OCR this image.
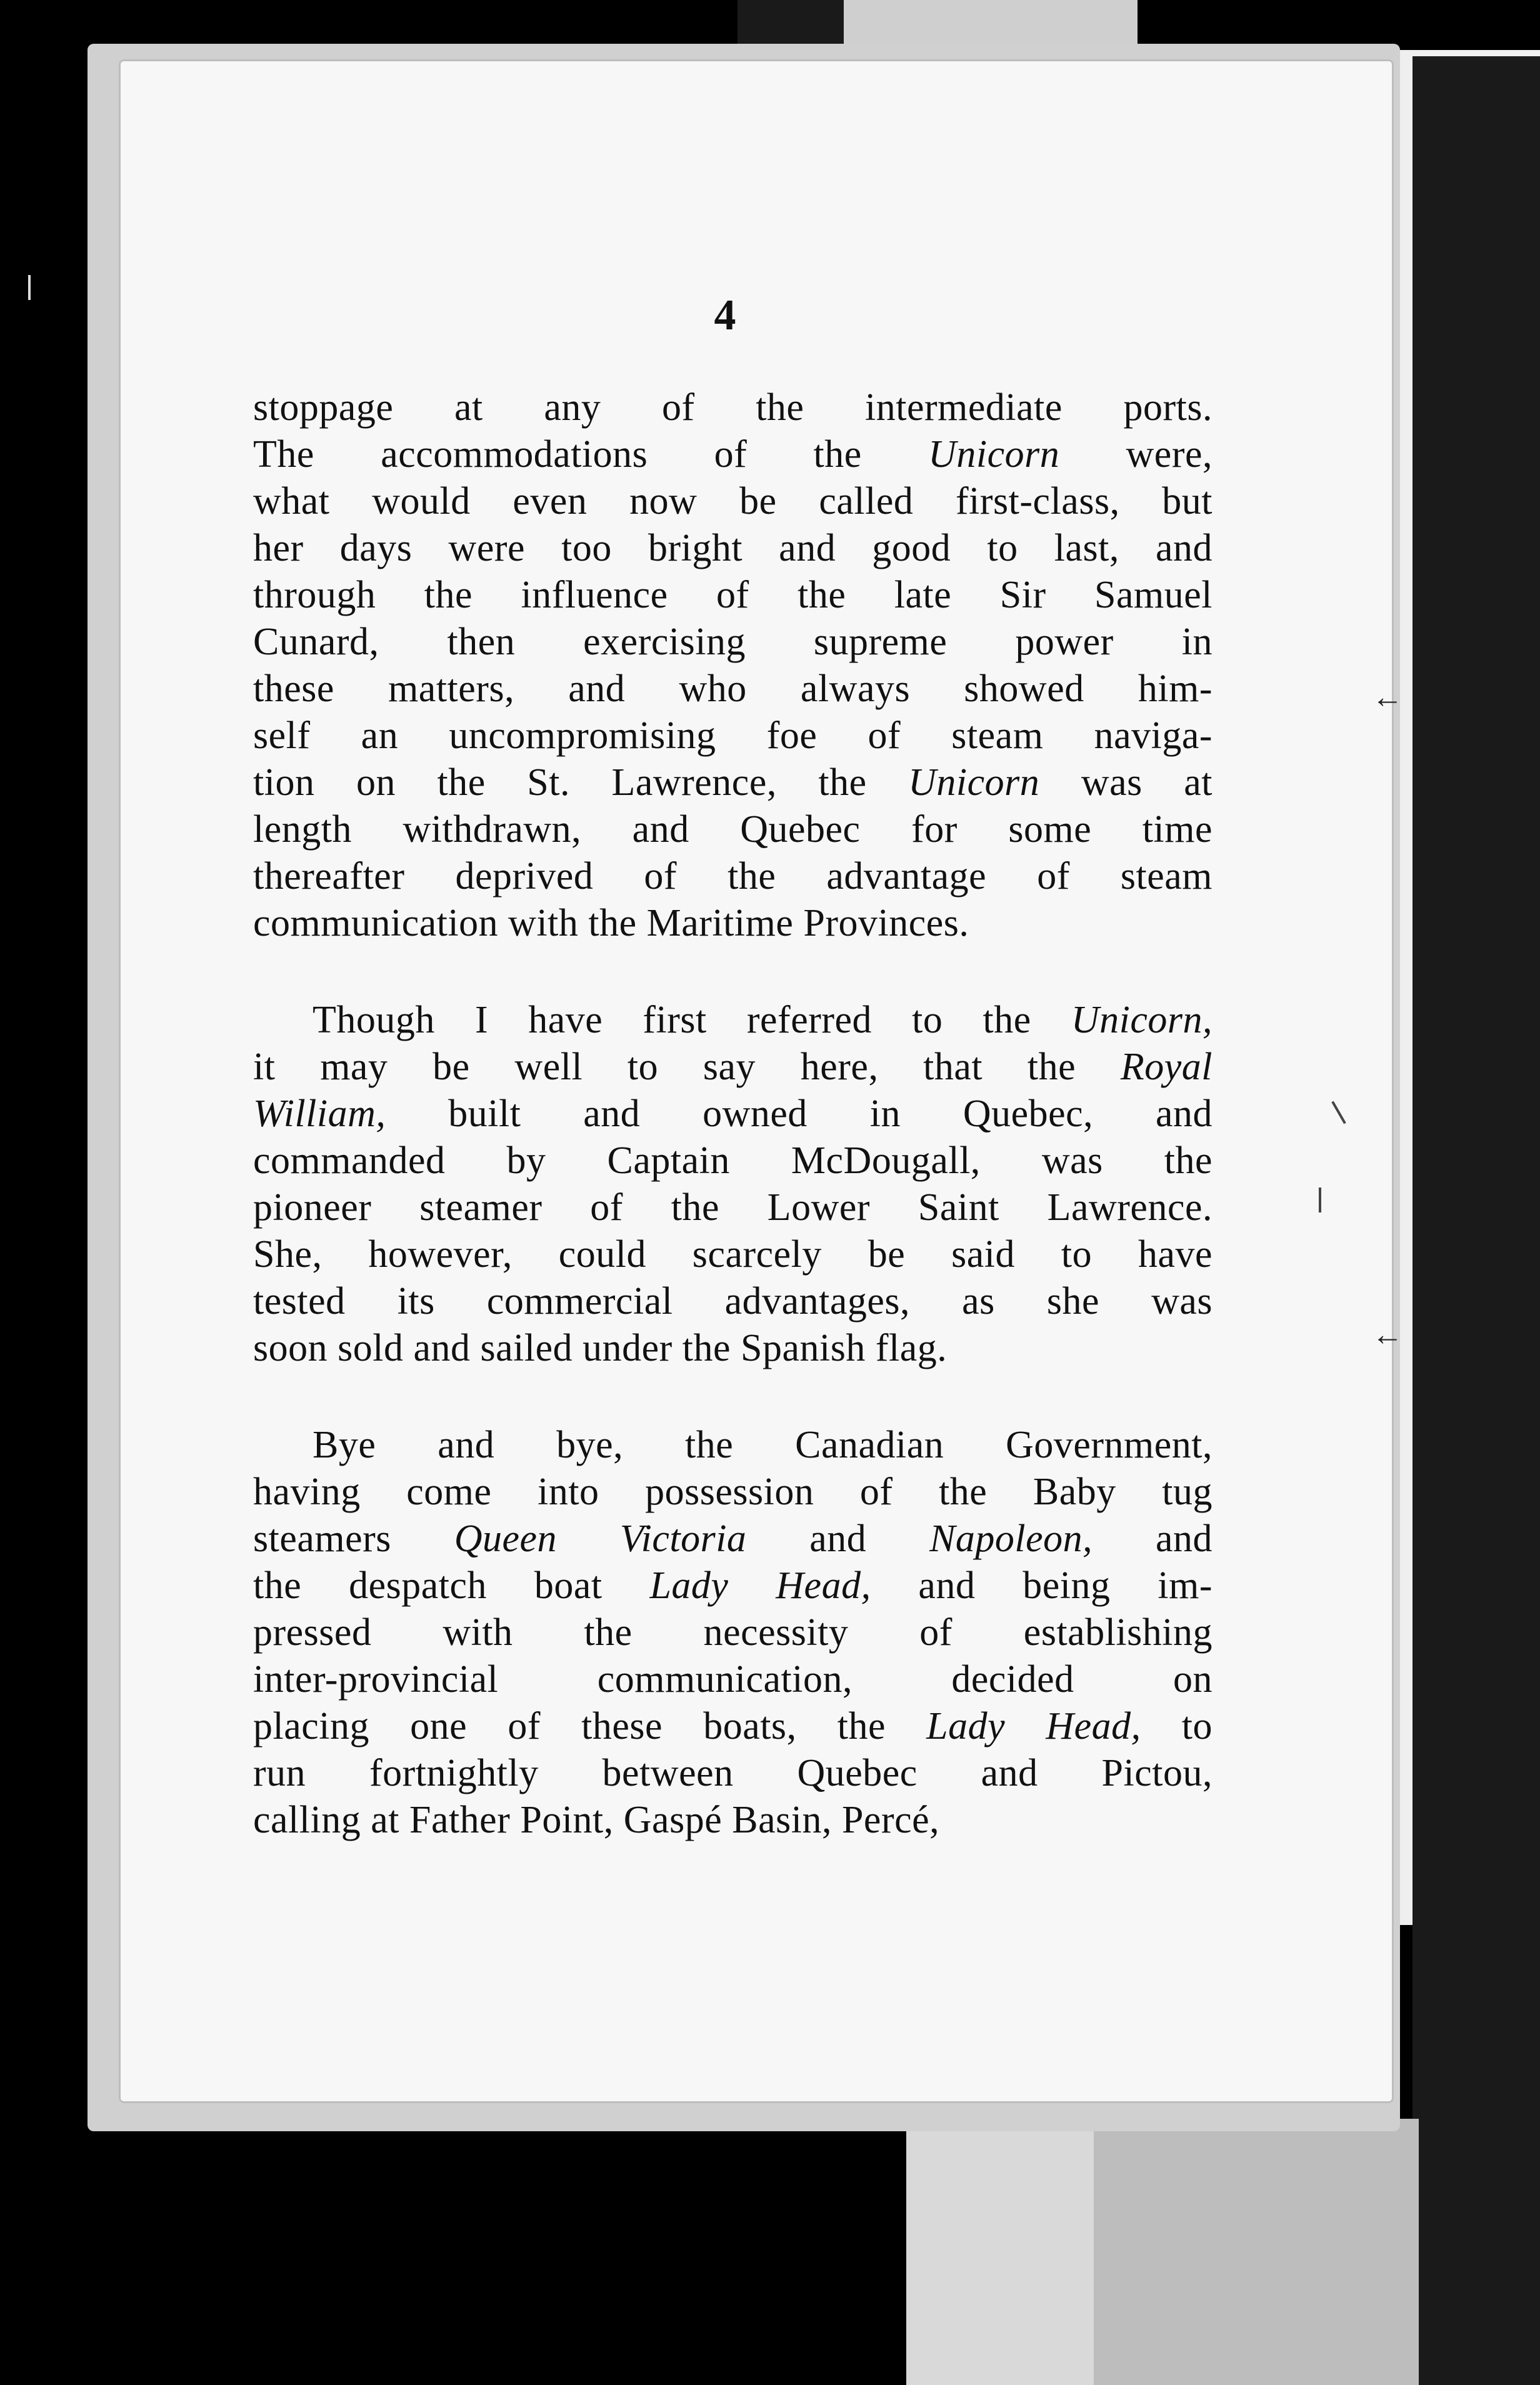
4
stoppage at any of the intermediate ports.
The accommodations of the Unicorn were,
what would even now be called first-class, but
her days were too bright and good to last, and
through the influence of the late Sir Samuel
Cunard, then exercising supreme power in
these matters, and who always showed him-
self an uncompromising foe of steam naviga-
tion on the St. Lawrence, the Unicorn was at
length withdrawn, and Quebec for some time
thereafter deprived of the advantage of steam
communication with the Maritime Provinces.
Though I have first referred to the Unicorn,
it may be well to say here, that the Royal
William, built and owned in Quebec, and
commanded by Captain McDougall, was the
pioneer steamer of the Lower Saint Lawrence.
She, however, could scarcely be said to have
tested its commercial advantages, as she was
soon sold and sailed under the Spanish flag.
Bye and bye, the Canadian Government,
having come into possession of the Baby tug
steamers Queen Victoria and Napoleon, and
the despatch boat Lady Head, and being im-
pressed with the necessity of establishing
inter-provincial communication, decided on
placing one of these boats, the Lady Head, to
run fortnightly between Quebec and Pictou,
calling at Father Point, Gaspé Basin, Percé,
←
←
